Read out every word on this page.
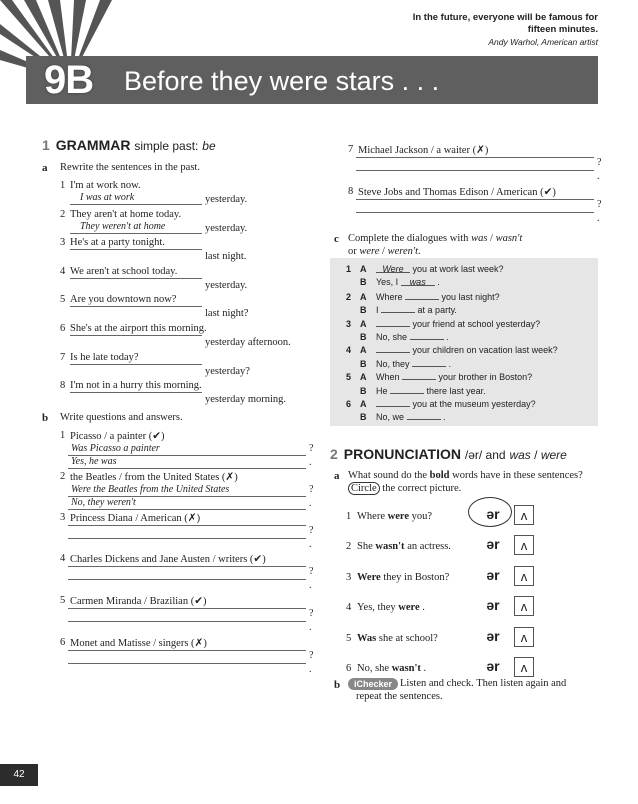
In the future, everyone will be famous for
fifteen minutes.
Andy Warhol, American artist
9B Before they were stars . . .
1 GRAMMAR simple past: be
a Rewrite the sentences in the past.
1 I'm at work now.
I was at work	yesterday.
2 They aren't at home today.
They weren't at home	yesterday.
3 He's at a party tonight.
last night.
4 We aren't at school today.
yesterday.
5 Are you downtown now?
last night?
6 She's at the airport this morning.
yesterday afternoon.
7 Is he late today?
yesterday?
8 I'm not in a hurry this morning.
yesterday morning.
b Write questions and answers.
1 Picasso / a painter (✔)
Was Picasso a painter	?
Yes, he was	.
2 the Beatles / from the United States (✗)
Were the Beatles from the United States	?
No, they weren't	.
3 Princess Diana / American (✗)
?
.
4 Charles Dickens and Jane Austen / writers (✔)
?
.
5 Carmen Miranda / Brazilian (✔)
?
.
6 Monet and Matisse / singers (✗)
?
.
7 Michael Jackson / a waiter (✗)
?
.
8 Steve Jobs and Thomas Edison / American (✔)
?
.
c Complete the dialogues with was / wasn't
or were / weren't.
1 A Were you at work last week?
B Yes, I was .
2 A Where	you last night?
B I	at a party.
3 A	your friend at school yesterday?
B No, she	.
4 A	your children on vacation last week?
B No, they	.
5 A When	your brother in Boston?
B He	there last year.
6 A	you at the museum yesterday?
B No, we	.
2 PRONUNCIATION /ər/ and was / were
a What sound do the bold words have in these sentences?
Circle the correct picture.
1 Where were you?	ər	ʌ
2 She wasn't an actress.	ər	ʌ
3 Were they in Boston?	ər	ʌ
4 Yes, they were .	ər	ʌ
5 Was she at school?	ər	ʌ
6 No, she wasn't .	ər	ʌ
b	iChecker Listen and check. Then listen again and
repeat the sentences.
42
